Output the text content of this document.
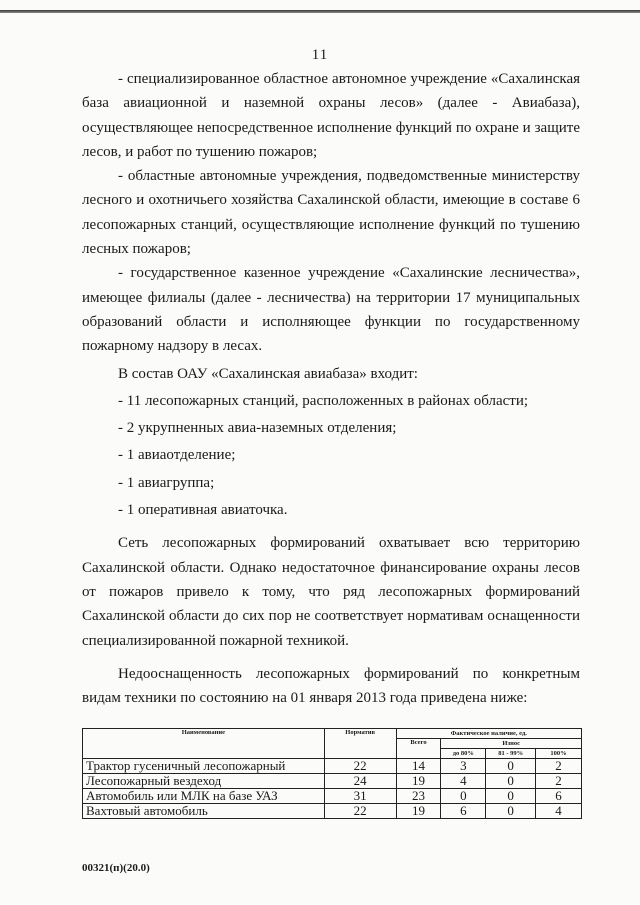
11

- специализированное областное автономное учреждение «Сахалинская база авиационной и наземной охраны лесов» (далее - Авиабаза), осуществляющее непосредственное исполнение функций по охране и защите лесов, и работ по тушению пожаров;

- областные автономные учреждения, подведомственные министерству лесного и охотничьего хозяйства Сахалинской области, имеющие в составе 6 лесопожарных станций, осуществляющие исполнение функций по тушению лесных пожаров;

- государственное казенное учреждение «Сахалинские лесничества», имеющее филиалы (далее - лесничества) на территории 17 муниципальных образований области и исполняющее функции по государственному пожарному надзору в лесах.

В состав ОАУ «Сахалинская авиабаза» входит:

- 11 лесопожарных станций, расположенных в районах области;

- 2 укрупненных авиа-наземных отделения;

- 1 авиаотделение;

- 1 авиагруппа;

- 1 оперативная авиаточка.

Сеть лесопожарных формирований охватывает всю территорию Сахалинской области. Однако недостаточное финансирование охраны лесов от пожаров привело к тому, что ряд лесопожарных формирований Сахалинской области до сих пор не соответствует нормативам оснащенности специализированной пожарной техникой.

Недооснащенность лесопожарных формирований по конкретным видам техники по состоянию на 01 января 2013 года приведена ниже:

Наименование	Норматив	Фактическое наличие, ед.			
		Всего	Износ		
			до 80%	81 - 99%	100%
Трактор гусеничный лесопожарный	22	14	3	0	2
Лесопожарный вездеход	24	19	4	0	2
Автомобиль или МЛК на базе УАЗ	31	23	0	0	6
Вахтовый автомобиль	22	19	6	0	4
00321(п)(20.0)
